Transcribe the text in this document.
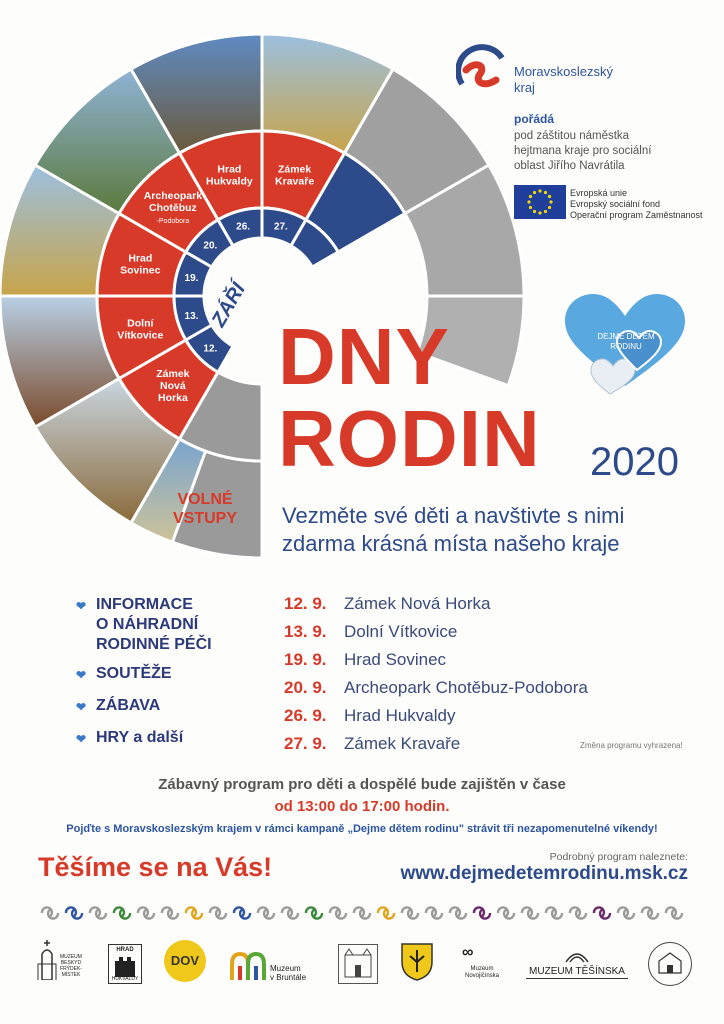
Zámek
Nová
Horka
12.
Dolní
Vítkovice
13.
Hrad
Sovinec
19.
Archeopark
Chotěbuz
-Podobora
20.
Hrad
Hukvaldy
26.
Zámek
Kravaře
27.
ZÁŘÍ
Moravskoslezský
kraj
pořádá
pod záštitou náměstka
hejtmana kraje pro sociální
oblast Jiřího Navrátila
Evropská unie
Evropský sociální fond
Operační program Zaměstnanost
DEJME DĚTEM
RODINU
DNY
RODIN 2020
VOLNÉ
VSTUPY	Vezměte své děti a navštivte s nimi
zdarma krásná místa našeho kraje
❤ INFORMACE
O NÁHRADNÍ
RODINNÉ PÉČI
❤ SOUTĚŽE
❤ ZÁBAVA
❤ HRY a další
12. 9. Zámek Nová Horka
13. 9. Dolní Vítkovice
19. 9. Hrad Sovinec
20. 9. Archeopark Chotěbuz-Podobora
26. 9. Hrad Hukvaldy
27. 9. Zámek Kravaře	Změna programu vyhrazena!
Zábavný program pro děti a dospělé bude zajištěn v čase
od 13:00 do 17:00 hodin.
Pojďte s Moravskoslezským krajem v rámci kampaně „Dejme dětem rodinu" strávit tři nezapomenutelné víkendy!
Těšíme se na Vás!	Podrobný program naleznete:
www.dejmedetemrodinu.msk.cz
MUZEUM
BESKYD
FRÝDEK-
MÍSTEK
HRAD
HUKVALDY
DOV
Muzeum
v Bruntále
∞
Muzeum
Novojičínska	MUZEUM TĚŠÍNSKA
